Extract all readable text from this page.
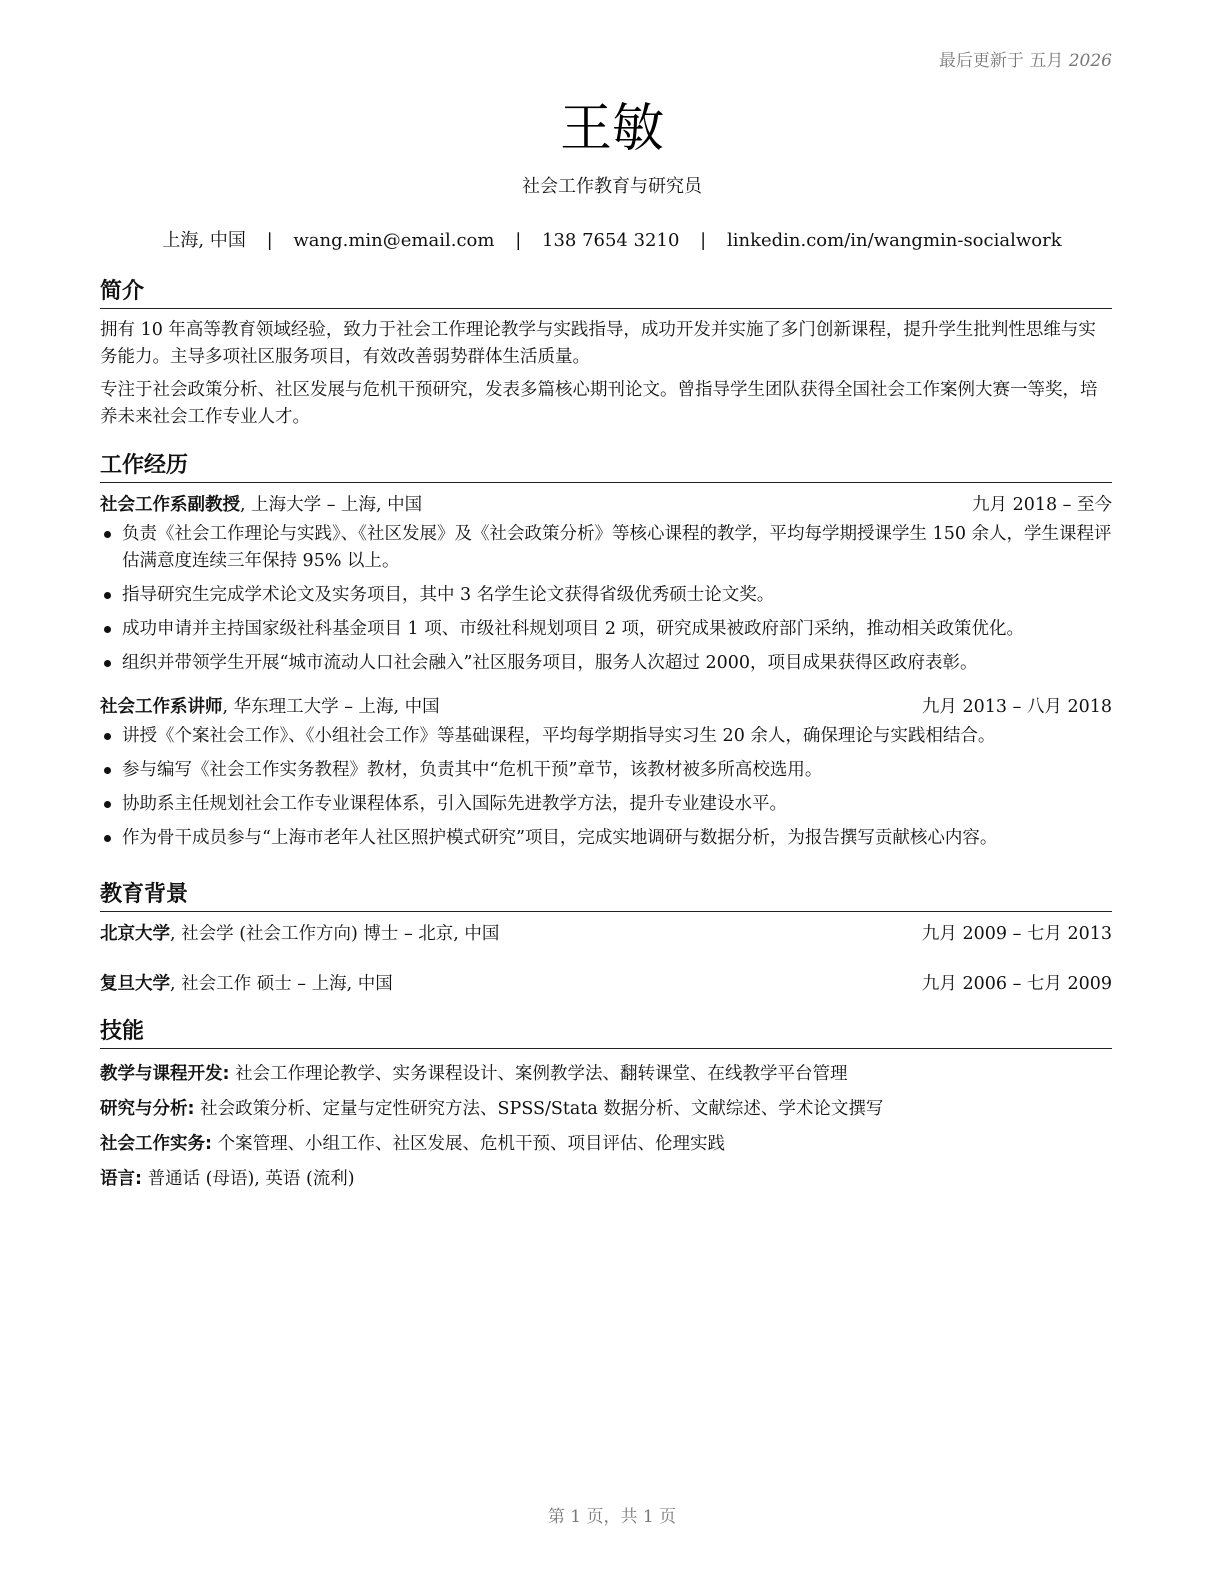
最后更新于 五月 2026
王敏
社会工作教育与研究员
上海, 中国 | wang.min@email.com | 138 7654 3210 | linkedin.com/in/wangmin-socialwork
简介

拥有 10 年高等教育领域经验，致力于社会工作理论教学与实践指导，成功开发并实施了多门创新课程，提升学生批判性思维与实务能力。主导多项社区服务项目，有效改善弱势群体生活质量。

专注于社会政策分析、社区发展与危机干预研究，发表多篇核心期刊论文。曾指导学生团队获得全国社会工作案例大赛一等奖，培养未来社会工作专业人才。

工作经历
社会工作系副教授, 上海大学 – 上海, 中国	九月 2018 – 至今
负责《社会工作理论与实践》、《社区发展》及《社会政策分析》等核心课程的教学，平均每学期授课学生 150 余人，学生课程评估满意度连续三年保持 95% 以上。
指导研究生完成学术论文及实务项目，其中 3 名学生论文获得省级优秀硕士论文奖。
成功申请并主持国家级社科基金项目 1 项、市级社科规划项目 2 项，研究成果被政府部门采纳，推动相关政策优化。
组织并带领学生开展“城市流动人口社会融入”社区服务项目，服务人次超过 2000，项目成果获得区政府表彰。
社会工作系讲师, 华东理工大学 – 上海, 中国	九月 2013 – 八月 2018
讲授《个案社会工作》、《小组社会工作》等基础课程，平均每学期指导实习生 20 余人，确保理论与实践相结合。
参与编写《社会工作实务教程》教材，负责其中“危机干预”章节，该教材被多所高校选用。
协助系主任规划社会工作专业课程体系，引入国际先进教学方法，提升专业建设水平。
作为骨干成员参与“上海市老年人社区照护模式研究”项目，完成实地调研与数据分析，为报告撰写贡献核心内容。
教育背景
北京大学, 社会学 (社会工作方向) 博士 – 北京, 中国	九月 2009 – 七月 2013
复旦大学, 社会工作 硕士 – 上海, 中国	九月 2006 – 七月 2009
技能
教学与课程开发: 社会工作理论教学、实务课程设计、案例教学法、翻转课堂、在线教学平台管理
研究与分析: 社会政策分析、定量与定性研究方法、SPSS/Stata 数据分析、文献综述、学术论文撰写
社会工作实务: 个案管理、小组工作、社区发展、危机干预、项目评估、伦理实践
语言: 普通话 (母语), 英语 (流利)
第 1 页，共 1 页
